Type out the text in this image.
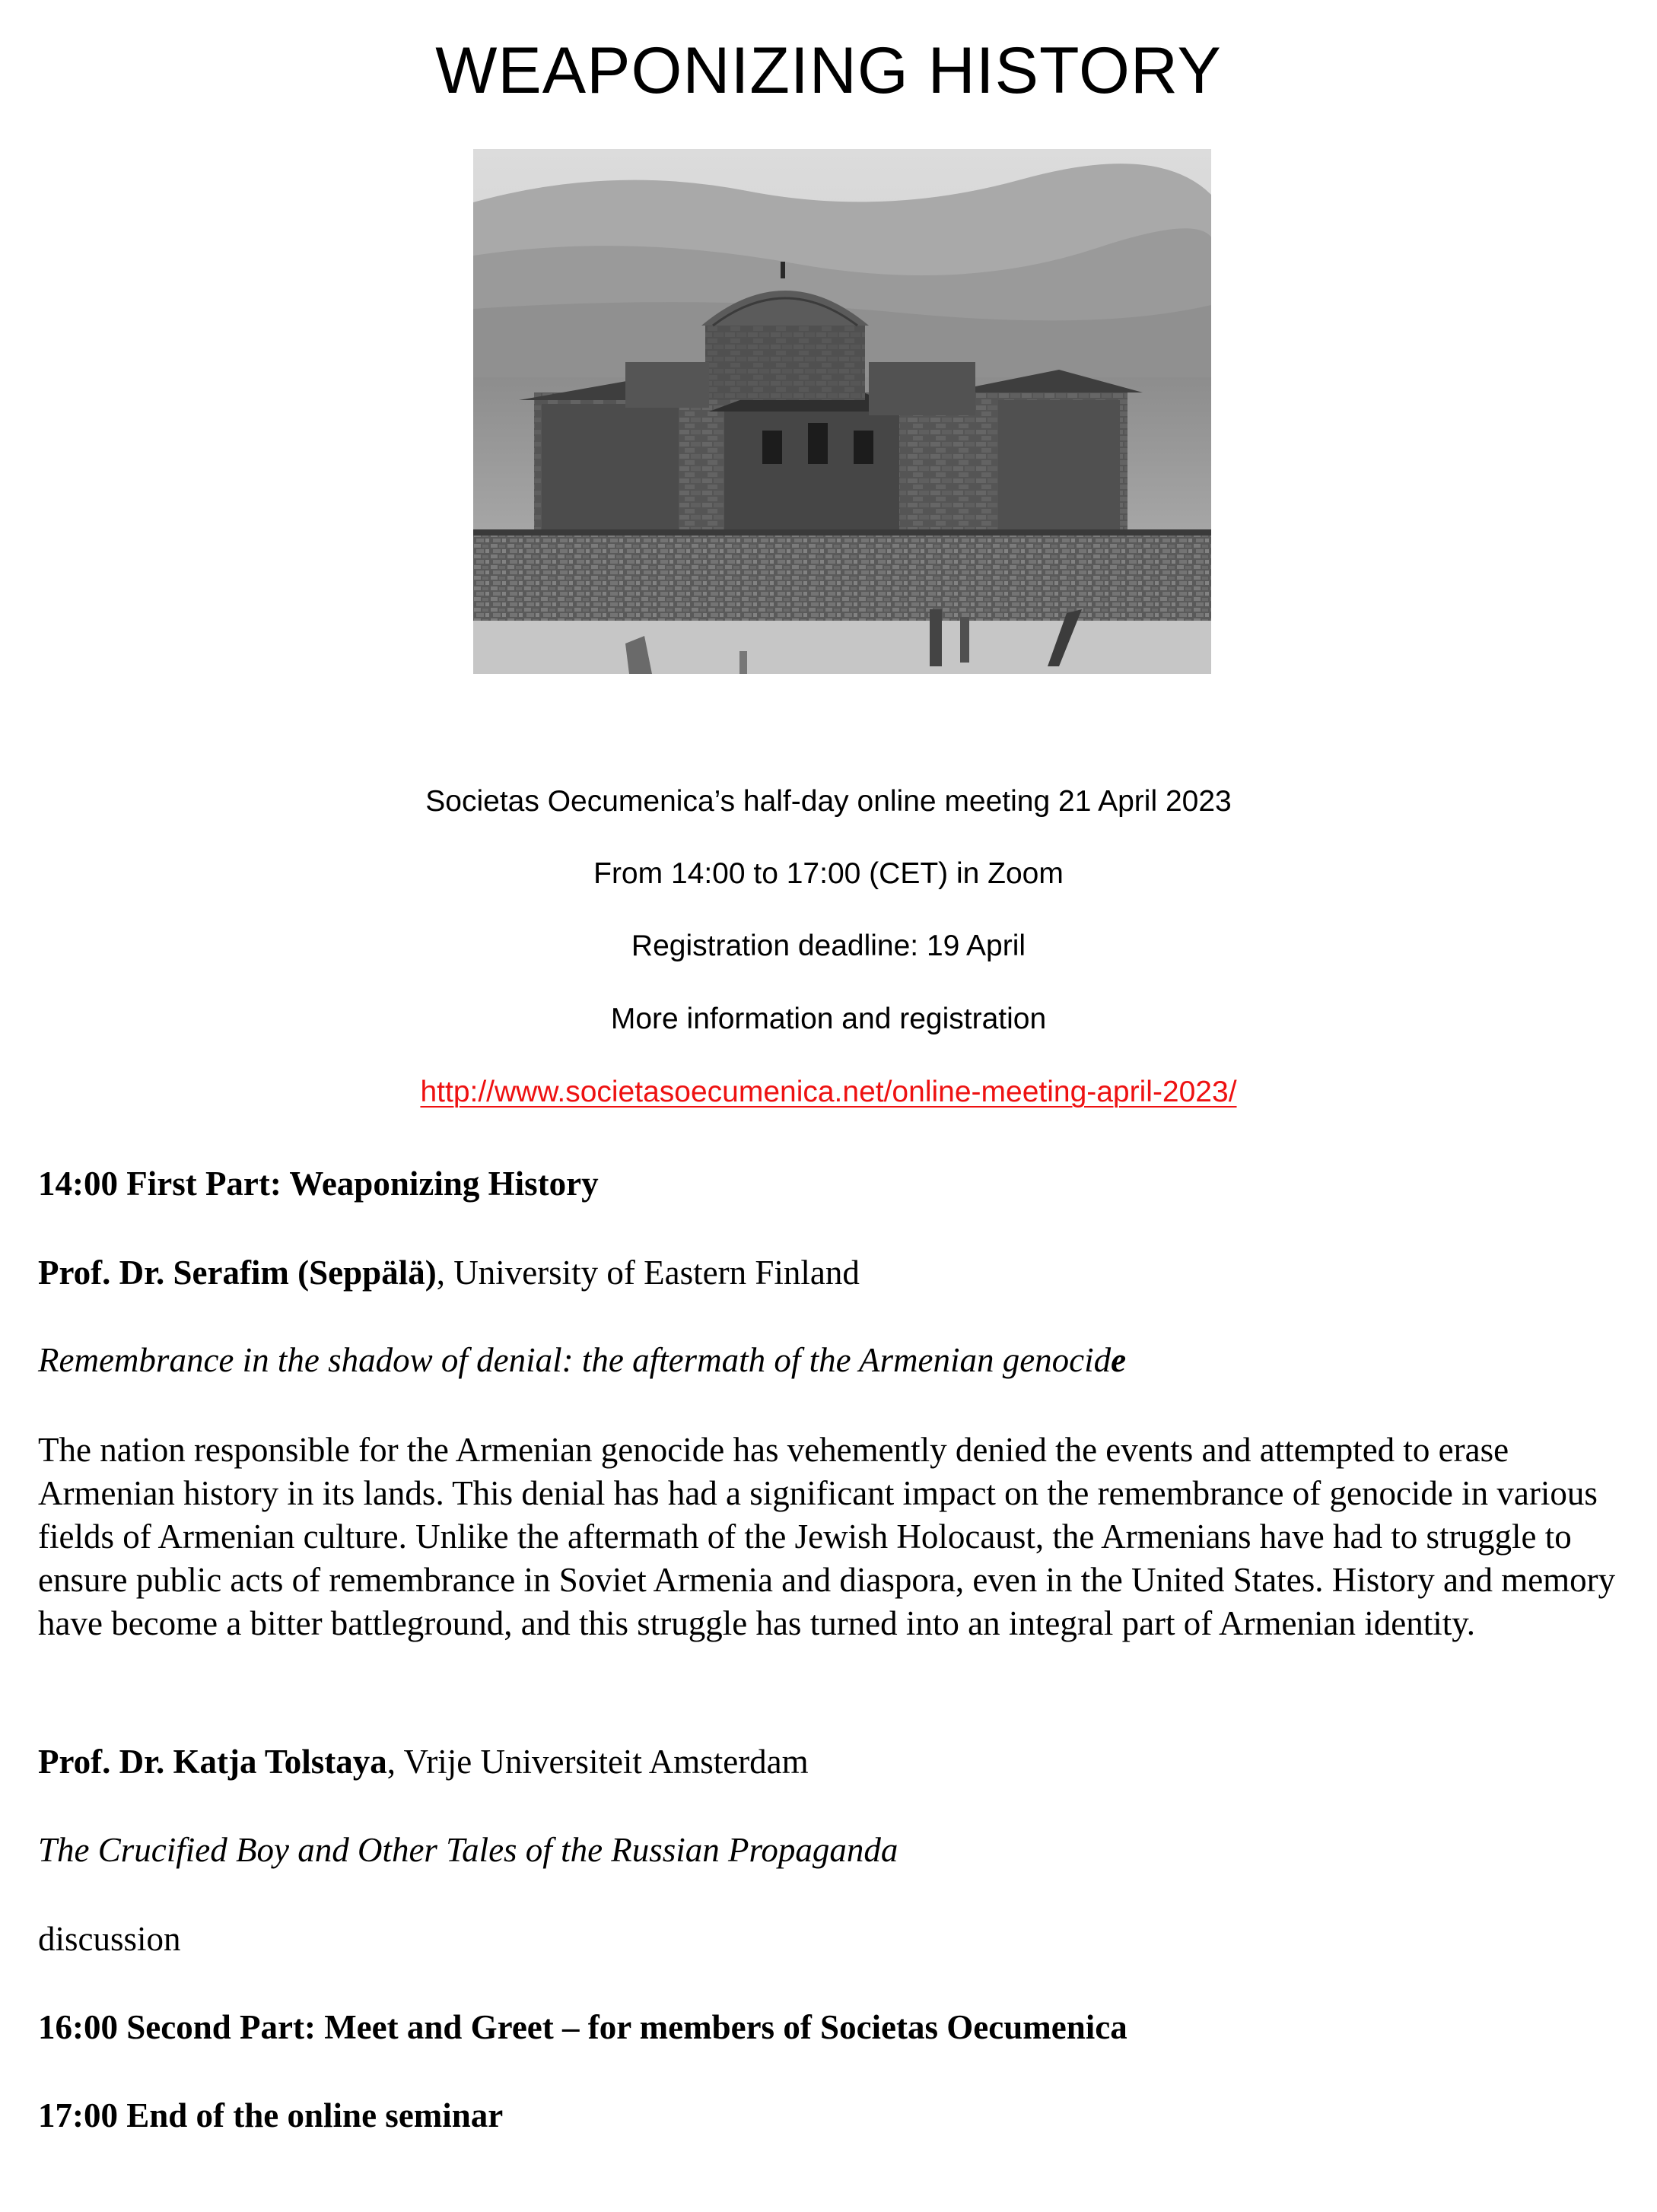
WEAPONIZING HISTORY

Societas Oecumenica’s half-day online meeting 21 April 2023

From 14:00 to 17:00 (CET) in Zoom

Registration deadline: 19 April

More information and registration

http://www.societasoecumenica.net/online-meeting-april-2023/

14:00 First Part: Weaponizing History

Prof. Dr. Serafim (Seppälä), University of Eastern Finland

Remembrance in the shadow of denial: the aftermath of the Armenian genocide

The nation responsible for the Armenian genocide has vehemently denied the events and attempted to erase Armenian history in its lands. This denial has had a significant impact on the remembrance of genocide in various fields of Armenian culture. Unlike the aftermath of the Jewish Holocaust, the Armenians have had to struggle to ensure public acts of remembrance in Soviet Armenia and diaspora, even in the United States. History and memory have become a bitter battleground, and this struggle has turned into an integral part of Armenian identity.

Prof. Dr. Katja Tolstaya, Vrije Universiteit Amsterdam

The Crucified Boy and Other Tales of the Russian Propaganda

discussion

16:00 Second Part: Meet and Greet – for members of Societas Oecumenica

17:00 End of the online seminar
